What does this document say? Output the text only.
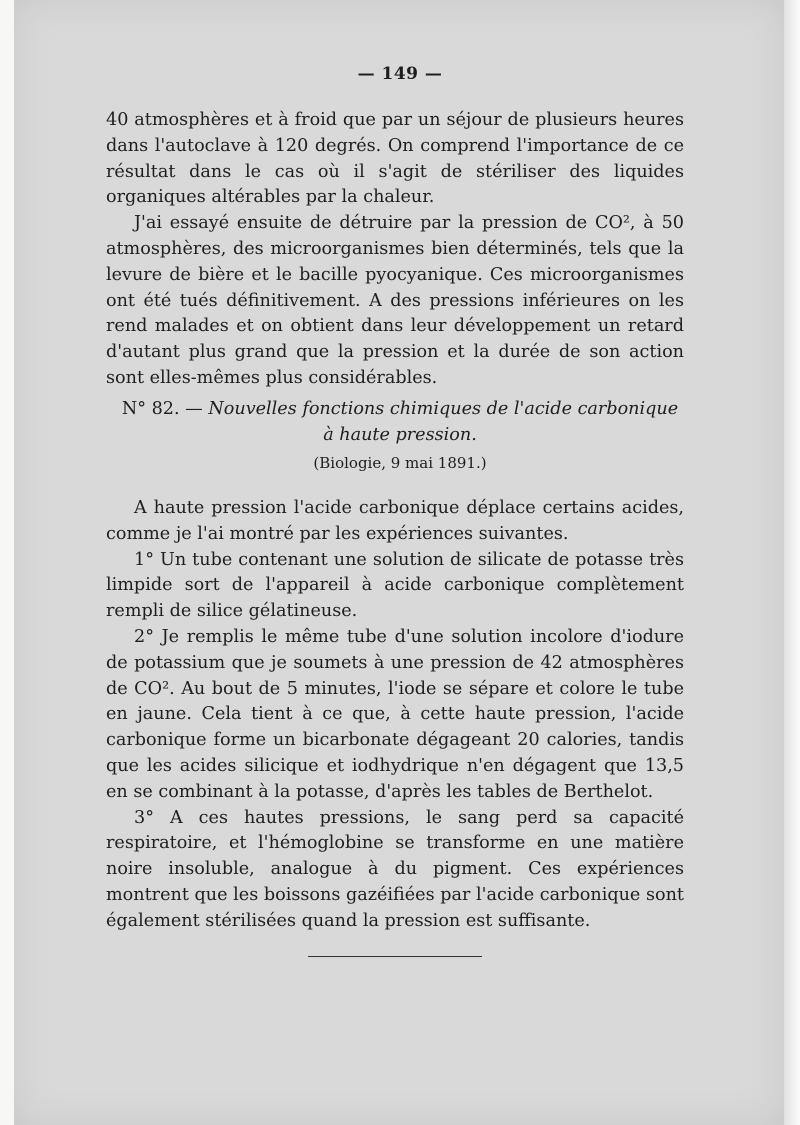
— 149 —

40 atmosphères et à froid que par un séjour de plusieurs heures dans l'autoclave à 120 degrés. On comprend l'importance de ce résultat dans le cas où il s'agit de stériliser des liquides organiques altérables par la chaleur.

J'ai essayé ensuite de détruire par la pression de CO², à 50 atmosphères, des microorganismes bien déterminés, tels que la levure de bière et le bacille pyocyanique. Ces microorganismes ont été tués définitivement. A des pressions inférieures on les rend malades et on obtient dans leur développement un retard d'autant plus grand que la pression et la durée de son action sont elles-mêmes plus considérables.

N° 82. — Nouvelles fonctions chimiques de l'acide carbonique
à haute pression.
(Biologie, 9 mai 1891.)

A haute pression l'acide carbonique déplace certains acides, comme je l'ai montré par les expériences suivantes.

1° Un tube contenant une solution de silicate de potasse très limpide sort de l'appareil à acide carbonique complètement rempli de silice gélatineuse.

2° Je remplis le même tube d'une solution incolore d'iodure de potassium que je soumets à une pression de 42 atmosphères de CO². Au bout de 5 minutes, l'iode se sépare et colore le tube en jaune. Cela tient à ce que, à cette haute pression, l'acide carbonique forme un bicarbonate dégageant 20 calories, tandis que les acides silicique et iodhydrique n'en dégagent que 13,5 en se combinant à la potasse, d'après les tables de Berthelot.

3° A ces hautes pressions, le sang perd sa capacité respiratoire, et l'hémoglobine se transforme en une matière noire insoluble, analogue à du pigment. Ces expériences montrent que les boissons gazéifiées par l'acide carbonique sont également stérilisées quand la pression est suffisante.
